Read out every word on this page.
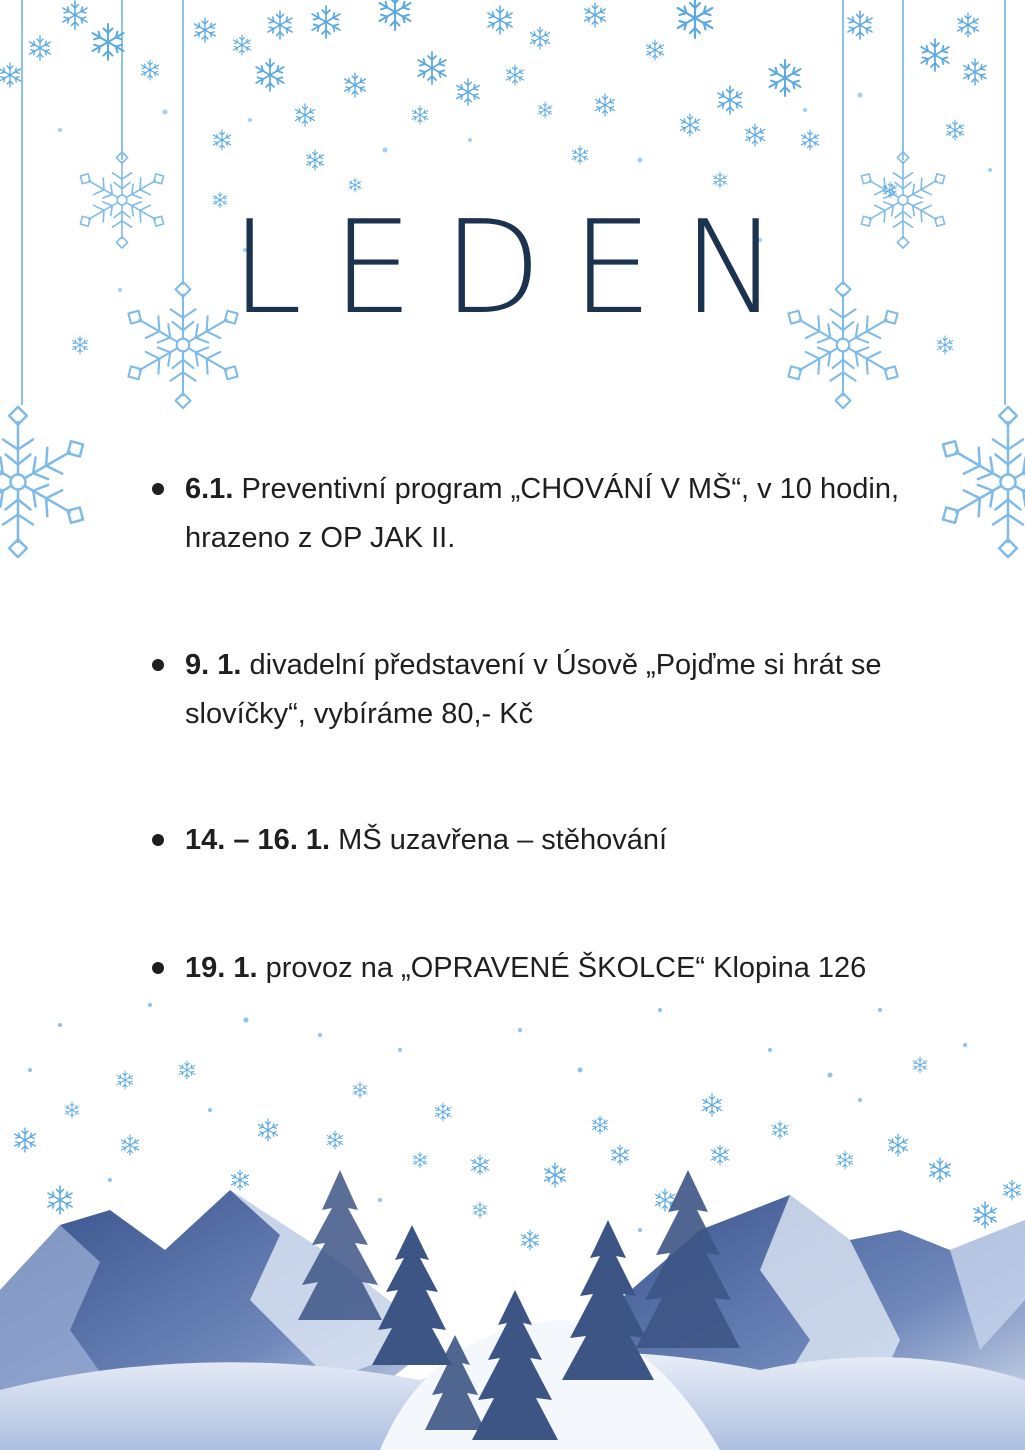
LEDEN
6.1. Preventivní program „CHOVÁNÍ V MŠ“, v 10 hodin, hrazeno z OP JAK II.
9. 1. divadelní představení v Úsově „Pojďme si hrát se slovíčky“, vybíráme 80,- Kč
14. – 16. 1. MŠ uzavřena – stěhování
19. 1. provoz na „OPRAVENÉ ŠKOLCE“ Klopina 126
